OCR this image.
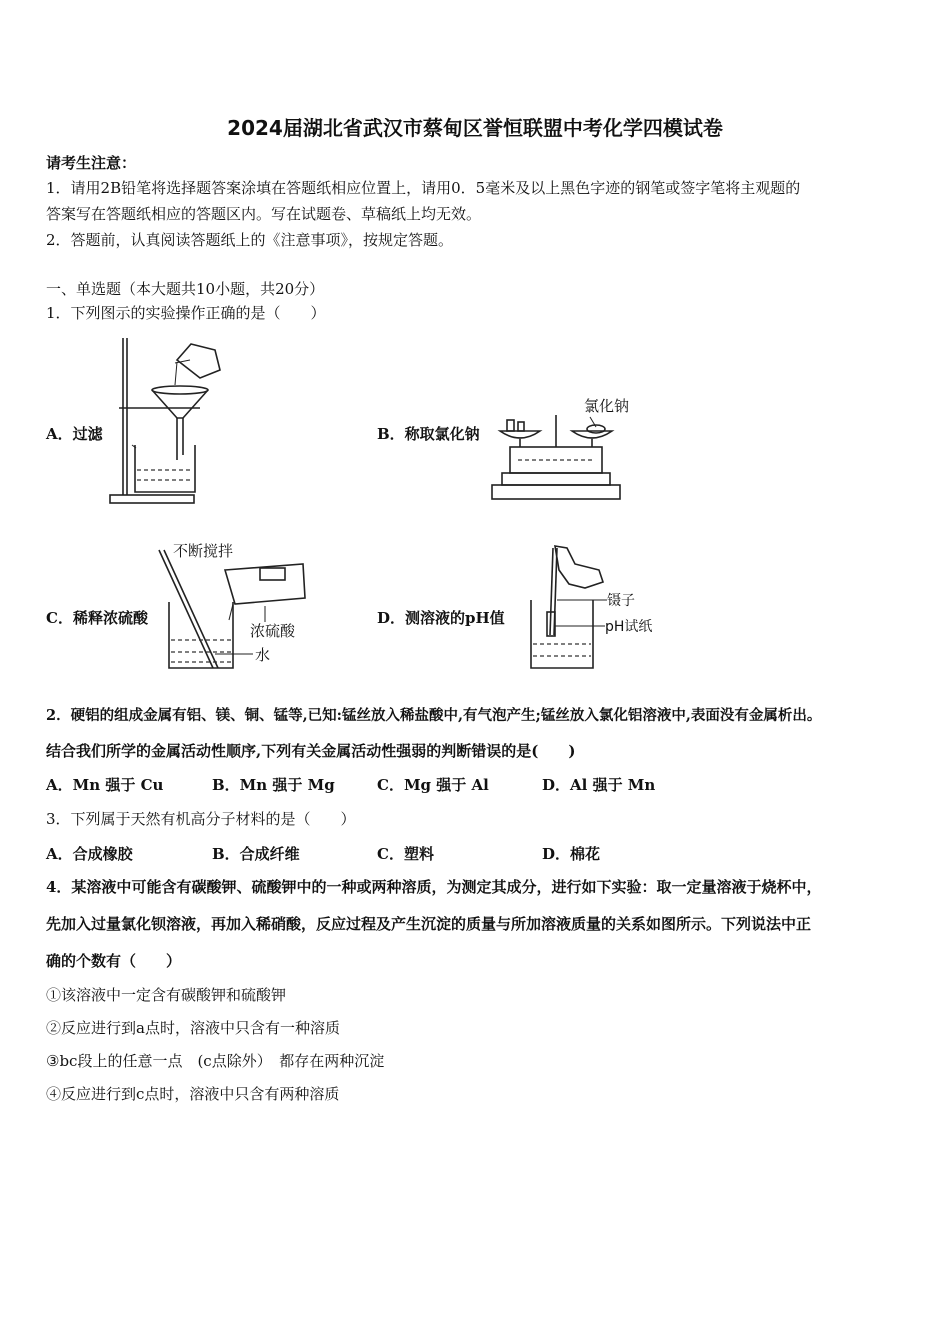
2024届湖北省武汉市蔡甸区誉恒联盟中考化学四模试卷
请考生注意：
1．请用2B铅笔将选择题答案涂填在答题纸相应位置上，请用0．5毫米及以上黑色字迹的钢笔或签字笔将主观题的
答案写在答题纸相应的答题区内。写在试题卷、草稿纸上均无效。
2．答题前，认真阅读答题纸上的《注意事项》，按规定答题。
一、单选题（本大题共10小题，共20分）
1．下列图示的实验操作正确的是（　　）
A．过滤	B．称取氯化钠
C．稀释浓硫酸	D．测溶液的pH值
氯化钠
不断搅拌
浓硫酸
水
镊子
pH试纸
2．硬铝的组成金属有铝、镁、铜、锰等,已知:锰丝放入稀盐酸中,有气泡产生;锰丝放入氯化铝溶液中,表面没有金属析出。
结合我们所学的金属活动性顺序,下列有关金属活动性强弱的判断错误的是(　　)
A．Mn 强于 Cu	B．Mn 强于 Mg	C．Mg 强于 Al	D．Al 强于 Mn
3．下列属于天然有机高分子材料的是（　　）
A．合成橡胶	B．合成纤维	C．塑料	D．棉花
4．某溶液中可能含有碳酸钾、硫酸钾中的一种或两种溶质，为测定其成分，进行如下实验：取一定量溶液于烧杯中，
先加入过量氯化钡溶液，再加入稀硝酸，反应过程及产生沉淀的质量与所加溶液质量的关系如图所示。下列说法中正
确的个数有（　　）
①该溶液中一定含有碳酸钾和硫酸钾
②反应进行到a点时，溶液中只含有一种溶质
③bc段上的任意一点　(c点除外）　都存在两种沉淀
④反应进行到c点时，溶液中只含有两种溶质
